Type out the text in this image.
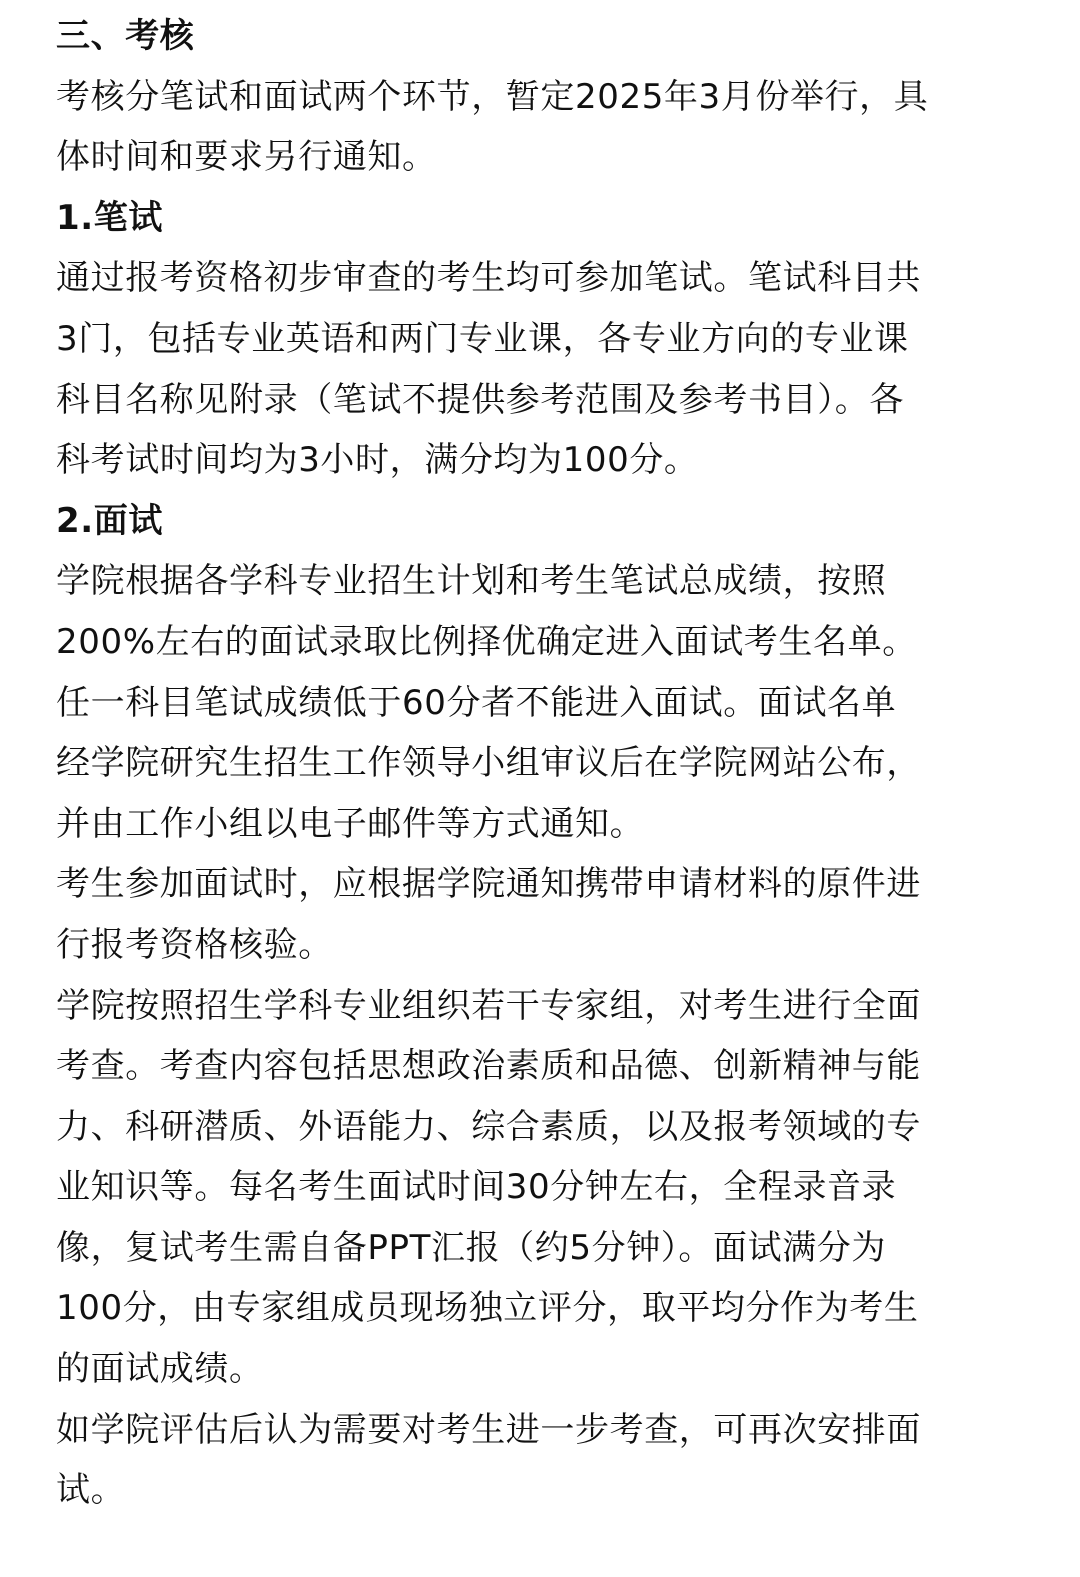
三、考核
考核分笔试和面试两个环节，暂定2025年3月份举行，具
体时间和要求另行通知。
1.笔试
通过报考资格初步审查的考生均可参加笔试。笔试科目共
3门，包括专业英语和两门专业课，各专业方向的专业课
科目名称见附录（笔试不提供参考范围及参考书目）。各
科考试时间均为3小时，满分均为100分。
2.面试
学院根据各学科专业招生计划和考生笔试总成绩，按照
200%左右的面试录取比例择优确定进入面试考生名单。
任一科目笔试成绩低于60分者不能进入面试。面试名单
经学院研究生招生工作领导小组审议后在学院网站公布，
并由工作小组以电子邮件等方式通知。
考生参加面试时，应根据学院通知携带申请材料的原件进
行报考资格核验。
学院按照招生学科专业组织若干专家组，对考生进行全面
考查。考查内容包括思想政治素质和品德、创新精神与能
力、科研潜质、外语能力、综合素质，以及报考领域的专
业知识等。每名考生面试时间30分钟左右，全程录音录
像，复试考生需自备PPT汇报（约5分钟）。面试满分为
100分，由专家组成员现场独立评分，取平均分作为考生
的面试成绩。
如学院评估后认为需要对考生进一步考查，可再次安排面
试。
